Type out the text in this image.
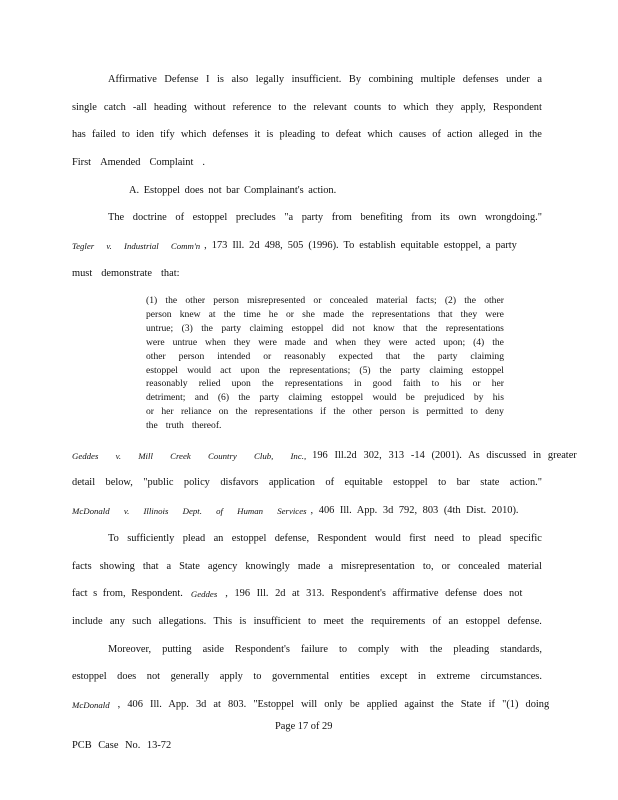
Affirmative Defense I is also legally insufficient. By combining multiple defenses under a
single catch -all heading without reference to the relevant counts to which they apply, Respondent
has failed to iden tify which defenses it is pleading to defeat which causes of action alleged in the
First Amended Complaint .
A. Estoppel does not bar Complainant's action.
The doctrine of estoppel precludes "a party from benefiting from its own wrongdoing."
Tegler v. Industrial Comm'n , 173 Ill. 2d 498, 505 (1996). To establish equitable estoppel, a party
must demonstrate that:
(1) the other person misrepresented or concealed material facts; (2) the other
person knew at the time he or she made the representations that they were
untrue; (3) the party claiming estoppel did not know that the representations
were untrue when they were made and when they were acted upon; (4) the
other person intended or reasonably expected that the party claiming
estoppel would act upon the representations; (5) the party claiming estoppel
reasonably relied upon the representations in good faith to his or her
detriment; and (6) the party claiming estoppel would be prejudiced by his
or her reliance on the representations if the other person is permitted to deny
the truth thereof.
Geddes v. Mill Creek Country Club, Inc., 196 Ill.2d 302, 313 -14 (2001). As discussed in greater
detail below, "public policy disfavors application of equitable estoppel to bar state action."
McDonald v. Illinois Dept. of Human Services , 406 Ill. App. 3d 792, 803 (4th Dist. 2010).
To sufficiently plead an estoppel defense, Respondent would first need to plead specific
facts showing that a State agency knowingly made a misrepresentation to, or concealed material
fact s from, Respondent. Geddes , 196 Ill. 2d at 313. Respondent's affirmative defense does not
include any such allegations. This is insufficient to meet the requirements of an estoppel defense.
Moreover, putting aside Respondent's failure to comply with the pleading standards,
estoppel does not generally apply to governmental entities except in extreme circumstances.
McDonald , 406 Ill. App. 3d at 803. "Estoppel will only be applied against the State if "(1) doing
Page 17 of 29
PCB Case No. 13-72
